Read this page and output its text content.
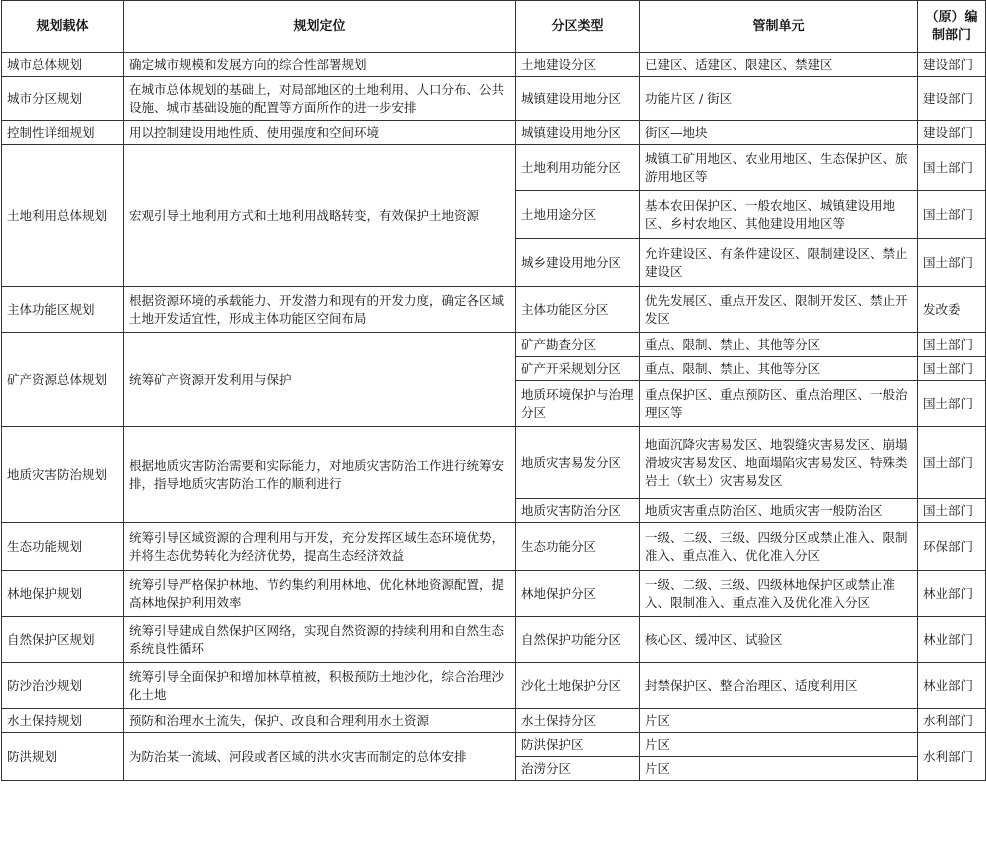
规划载体	规划定位	分区类型	管制单元	（原）编制部门
城市总体规划	确定城市规模和发展方向的综合性部署规划	土地建设分区	已建区、适建区、限建区、禁建区	建设部门
城市分区规划	在城市总体规划的基础上，对局部地区的土地利用、人口分布、公共设施、城市基础设施的配置等方面所作的进一步安排	城镇建设用地分区	功能片区 / 街区	建设部门
控制性详细规划	用以控制建设用地性质、使用强度和空间环境	城镇建设用地分区	街区—地块	建设部门
土地利用总体规划	宏观引导土地利用方式和土地利用战略转变，有效保护土地资源	土地利用功能分区	城镇工矿用地区、农业用地区、生态保护区、旅游用地区等	国土部门
		土地用途分区	基本农田保护区、一般农地区、城镇建设用地区、乡村农地区、其他建设用地区等	国土部门
		城乡建设用地分区	允许建设区、有条件建设区、限制建设区、禁止建设区	国土部门
主体功能区规划	根据资源环境的承载能力、开发潜力和现有的开发力度，确定各区域土地开发适宜性，形成主体功能区空间布局	主体功能区分区	优先发展区、重点开发区、限制开发区、禁止开发区	发改委
矿产资源总体规划	统筹矿产资源开发利用与保护	矿产勘查分区	重点、限制、禁止、其他等分区	国土部门
		矿产开采规划分区	重点、限制、禁止、其他等分区	国土部门
		地质环境保护与治理分区	重点保护区、重点预防区、重点治理区、一般治理区等	国土部门
地质灾害防治规划	根据地质灾害防治需要和实际能力，对地质灾害防治工作进行统筹安排，指导地质灾害防治工作的顺利进行	地质灾害易发分区	地面沉降灾害易发区、地裂缝灾害易发区、崩塌滑坡灾害易发区、地面塌陷灾害易发区、特殊类岩土（软土）灾害易发区	国土部门
		地质灾害防治分区	地质灾害重点防治区、地质灾害一般防治区	国土部门
生态功能规划	统筹引导区域资源的合理利用与开发，充分发挥区域生态环境优势，并将生态优势转化为经济优势，提高生态经济效益	生态功能分区	一级、二级、三级、四级分区或禁止准入、限制准入、重点准入、优化准入分区	环保部门
林地保护规划	统筹引导严格保护林地、节约集约利用林地、优化林地资源配置，提高林地保护利用效率	林地保护分区	一级、二级、三级、四级林地保护区或禁止准入、限制准入、重点准入及优化准入分区	林业部门
自然保护区规划	统筹引导建成自然保护区网络，实现自然资源的持续利用和自然生态系统良性循环	自然保护功能分区	核心区、缓冲区、试验区	林业部门
防沙治沙规划	统筹引导全面保护和增加林草植被，积极预防土地沙化，综合治理沙化土地	沙化土地保护分区	封禁保护区、整合治理区、适度利用区	林业部门
水土保持规划	预防和治理水土流失，保护、改良和合理利用水土资源	水土保持分区	片区	水利部门
防洪规划	为防治某一流域、河段或者区域的洪水灾害而制定的总体安排	防洪保护区	片区	水利部门
		治涝分区	片区	
